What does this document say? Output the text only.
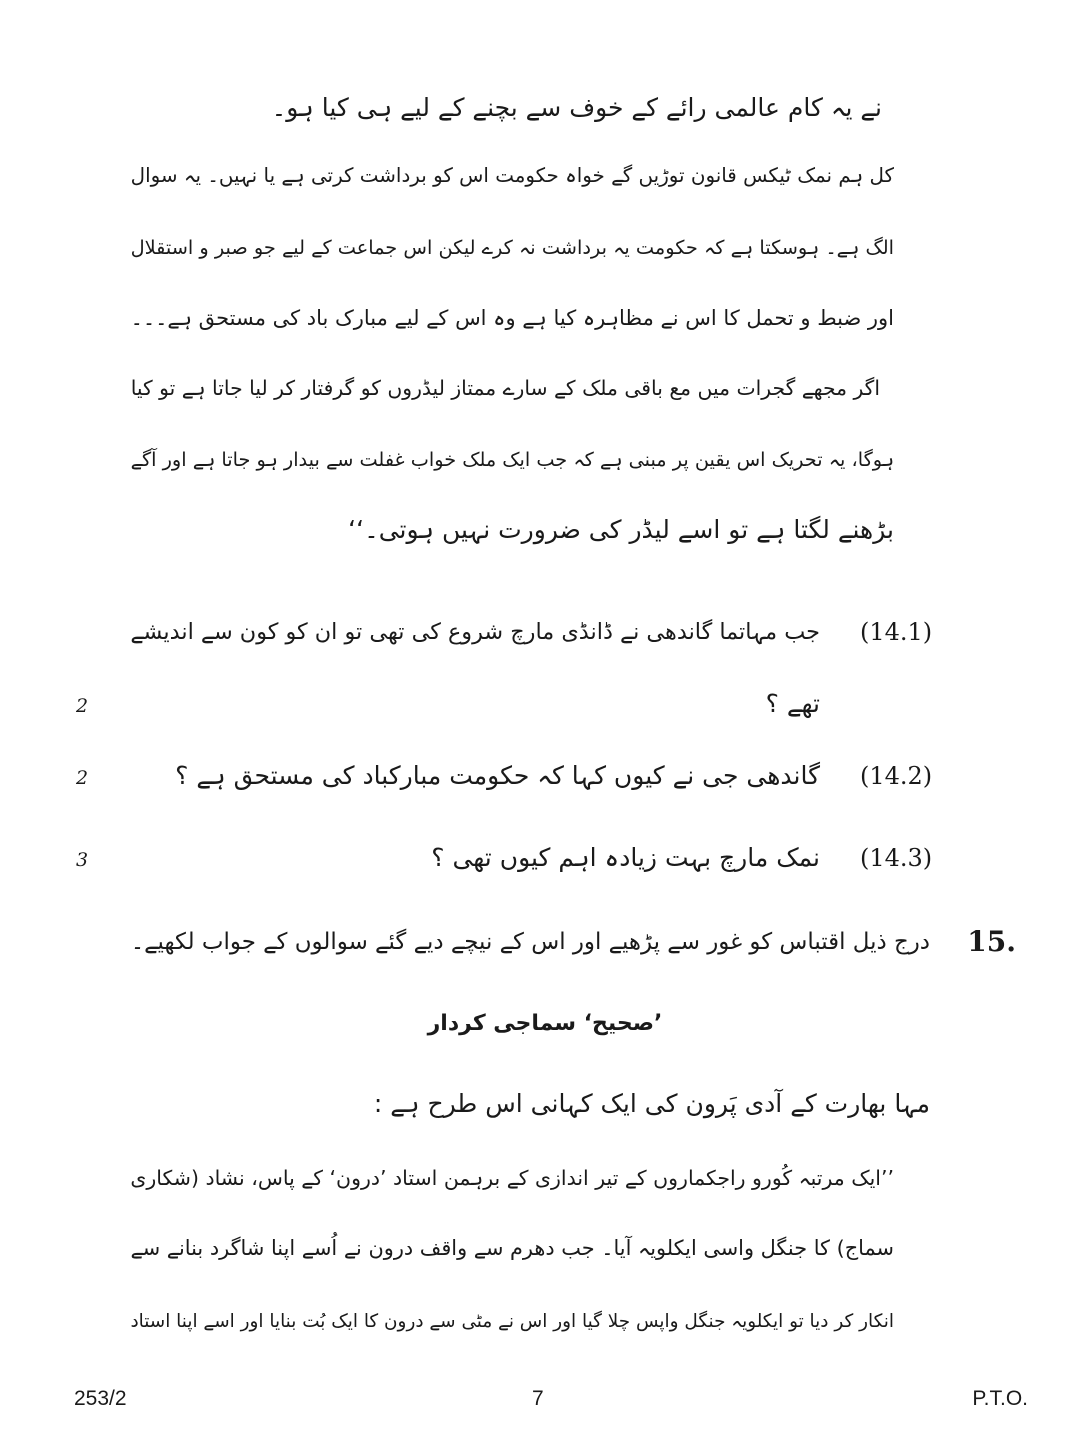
نے یہ کام عالمی رائے کے خوف سے بچنے کے لیے ہی کیا ہو۔
کل ہم نمک ٹیکس قانون توڑیں گے خواہ حکومت اس کو برداشت کرتی ہے یا نہیں۔ یہ سوال
الگ ہے۔ ہوسکتا ہے کہ حکومت یہ برداشت نہ کرے لیکن اس جماعت کے لیے جو صبر و استقلال
اور ضبط و تحمل کا اس نے مظاہرہ کیا ہے وہ اس کے لیے مبارک باد کی مستحق ہے۔۔۔
اگر مجھے گجرات میں مع باقی ملک کے سارے ممتاز لیڈروں کو گرفتار کر لیا جاتا ہے تو کیا
ہوگا، یہ تحریک اس یقین پر مبنی ہے کہ جب ایک ملک خواب غفلت سے بیدار ہو جاتا ہے اور آگے
بڑھنے لگتا ہے تو اسے لیڈر کی ضرورت نہیں ہوتی۔‘‘
(14.1)
جب مہاتما گاندھی نے ڈانڈی مارچ شروع کی تھی تو ان کو کون سے اندیشے
تھے ؟
2
(14.2)
گاندھی جی نے کیوں کہا کہ حکومت مبارکباد کی مستحق ہے ؟
2
(14.3)
نمک مارچ بہت زیادہ اہم کیوں تھی ؟
3
15.
درج ذیل اقتباس کو غور سے پڑھیے اور اس کے نیچے دیے گئے سوالوں کے جواب لکھیے۔
’صحیح‘ سماجی کردار
مہا بھارت کے آدی پَرون کی ایک کہانی اس طرح ہے :
’’ایک مرتبہ کُورو راجکماروں کے تیر اندازی کے برہمن استاد ’درون‘ کے پاس، نشاد (شکاری
سماج) کا جنگل واسی ایکلویہ آیا۔ جب دھرم سے واقف درون نے اُسے اپنا شاگرد بنانے سے
انکار کر دیا تو ایکلویہ جنگل واپس چلا گیا اور اس نے مٹی سے درون کا ایک بُت بنایا اور اسے اپنا استاد
253/2	7	P.T.O.
